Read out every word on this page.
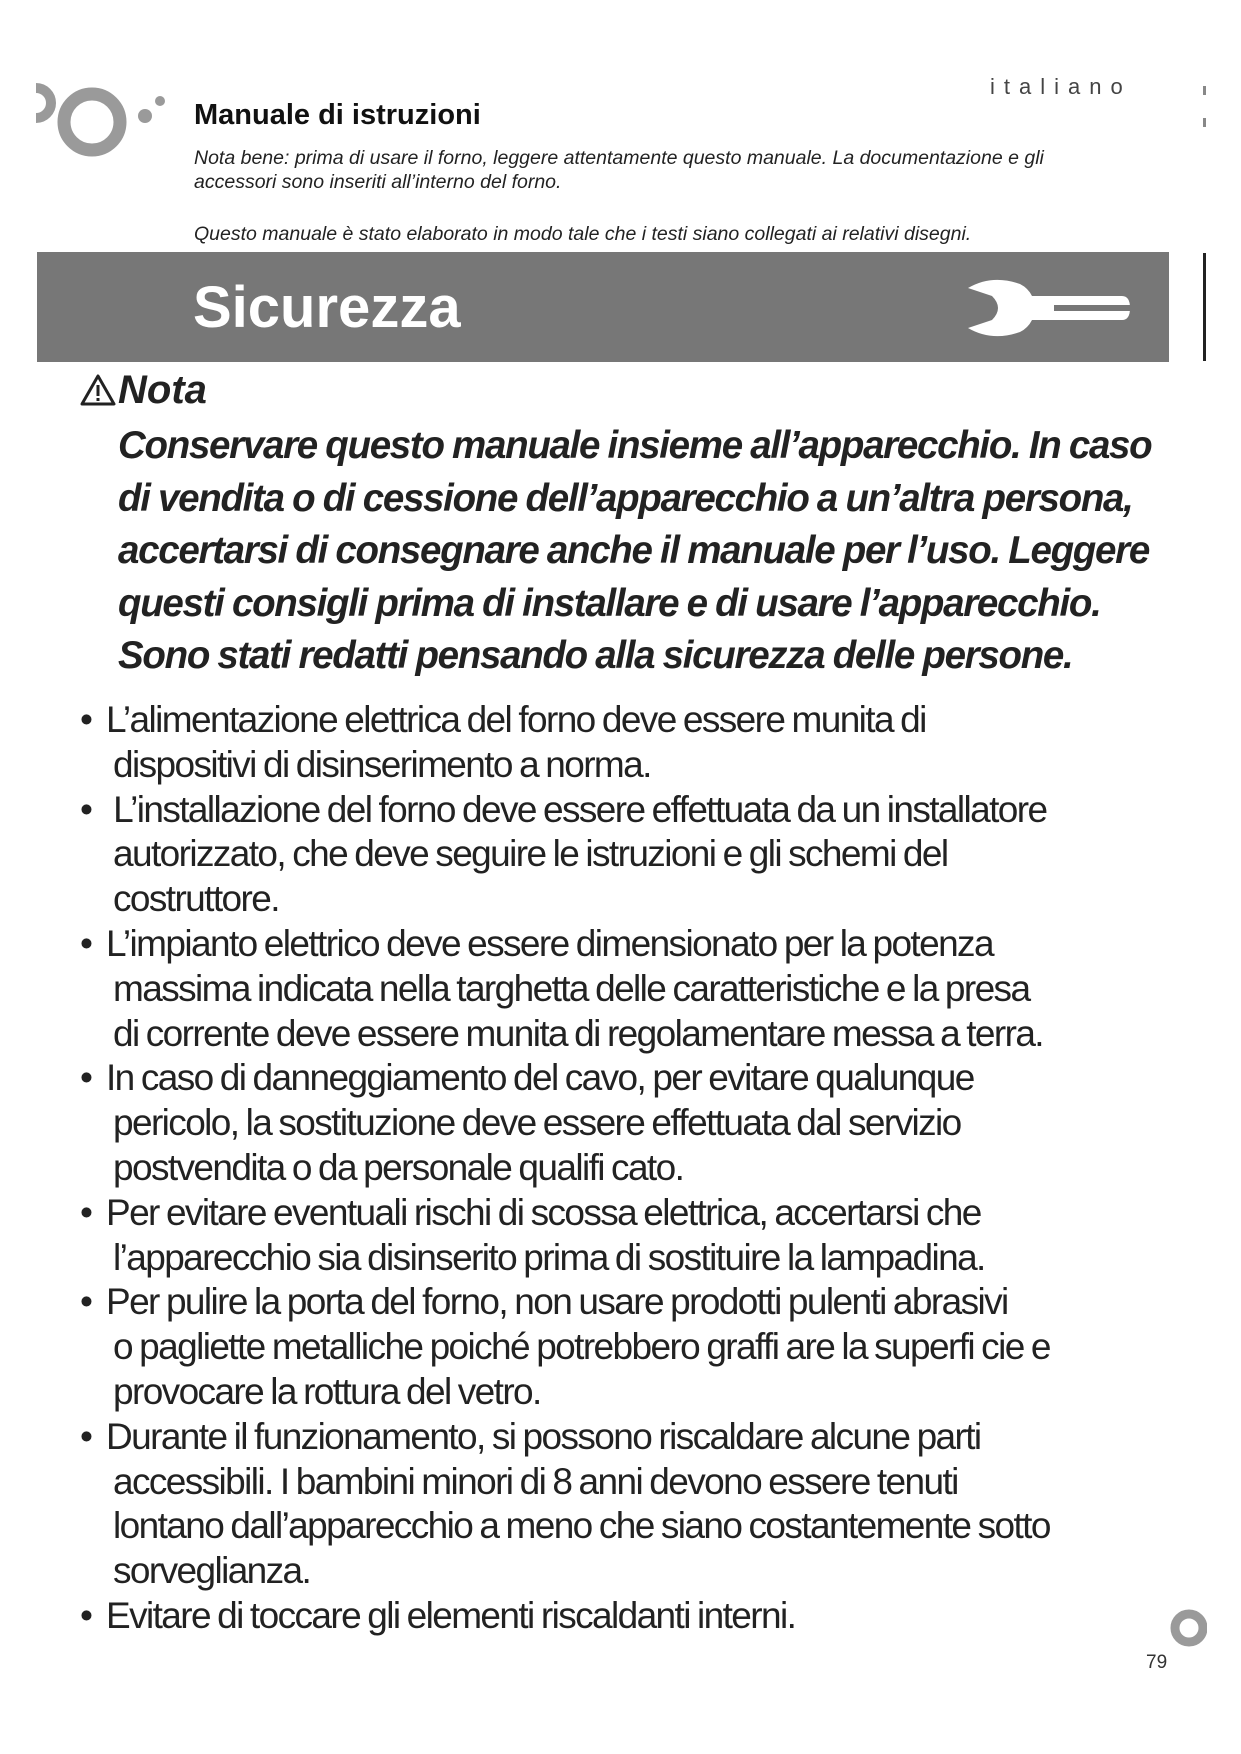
italiano
Manuale di istruzioni

Nota bene: prima di usare il forno, leggere attentamente questo manuale. La documentazione e gli

accessori sono inseriti all’interno del forno.

Questo manuale è stato elaborato in modo tale che i testi siano collegati ai relativi disegni.

Sicurezza
Nota

Conservare questo manuale insieme all’apparecchio. In caso
di vendita o di cessione dell’apparecchio a un’altra persona,
accertarsi di consegnare anche il manuale per l’uso. Leggere
questi consigli prima di installare e di usare l’apparecchio.
Sono stati redatti pensando alla sicurezza delle persone.

• L’alimentazione elettrica del forno deve essere munita di
dispositivi di disinserimento a norma.
• L’installazione del forno deve essere effettuata da un installatore
autorizzato, che deve seguire le istruzioni e gli schemi del
costruttore.
• L’impianto elettrico deve essere dimensionato per la potenza
massima indicata nella targhetta delle caratteristiche e la presa
di corrente deve essere munita di regolamentare messa a terra.
• In caso di danneggiamento del cavo, per evitare qualunque
pericolo, la sostituzione deve essere effettuata dal servizio
postvendita o da personale qualifi cato.
• Per evitare eventuali rischi di scossa elettrica, accertarsi che
l’apparecchio sia disinserito prima di sostituire la lampadina.
• Per pulire la porta del forno, non usare prodotti pulenti abrasivi
o pagliette metalliche poiché potrebbero graffi are la superfi cie e
provocare la rottura del vetro.
• Durante il funzionamento, si possono riscaldare alcune parti
accessibili. I bambini minori di 8 anni devono essere tenuti
lontano dall’apparecchio a meno che siano costantemente sotto
sorveglianza.
• Evitare di toccare gli elementi riscaldanti interni.
79
